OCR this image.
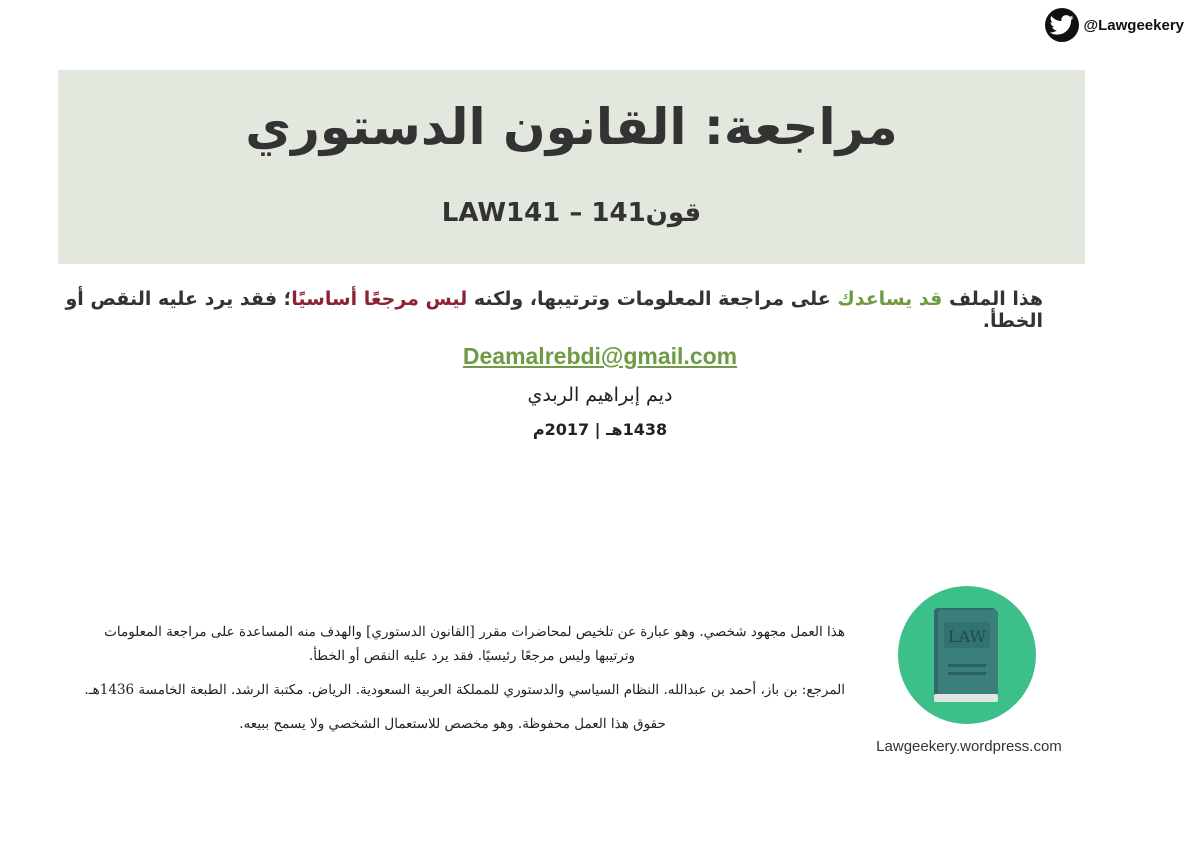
@Lawgeekery
مراجعة: القانون الدستوري
قون141 – LAW141
هذا الملف قد يساعدك على مراجعة المعلومات وترتيبها، ولكنه ليس مرجعًا أساسيًا؛ فقد يرد عليه النقص أو الخطأ.
Deamalrebdi@gmail.com
ديم إبراهيم الربدي
1438هـ | 2017م

هذا العمل مجهود شخصي. وهو عبارة عن تلخيص لمحاضرات مقرر [القانون الدستوري] والهدف منه المساعدة على مراجعة المعلومات
وترتيبها وليس مرجعًا رئيسيًا. فقد يرد عليه النقص أو الخطأ.

المرجع: بن باز، أحمد بن عبدالله. النظام السياسي والدستوري للمملكة العربية السعودية. الرياض. مكتبة الرشد. الطبعة الخامسة 1436هـ.

حقوق هذا العمل محفوظة. وهو مخصص للاستعمال الشخصي ولا يسمح ببيعه.

LAW
Lawgeekery.wordpress.com
